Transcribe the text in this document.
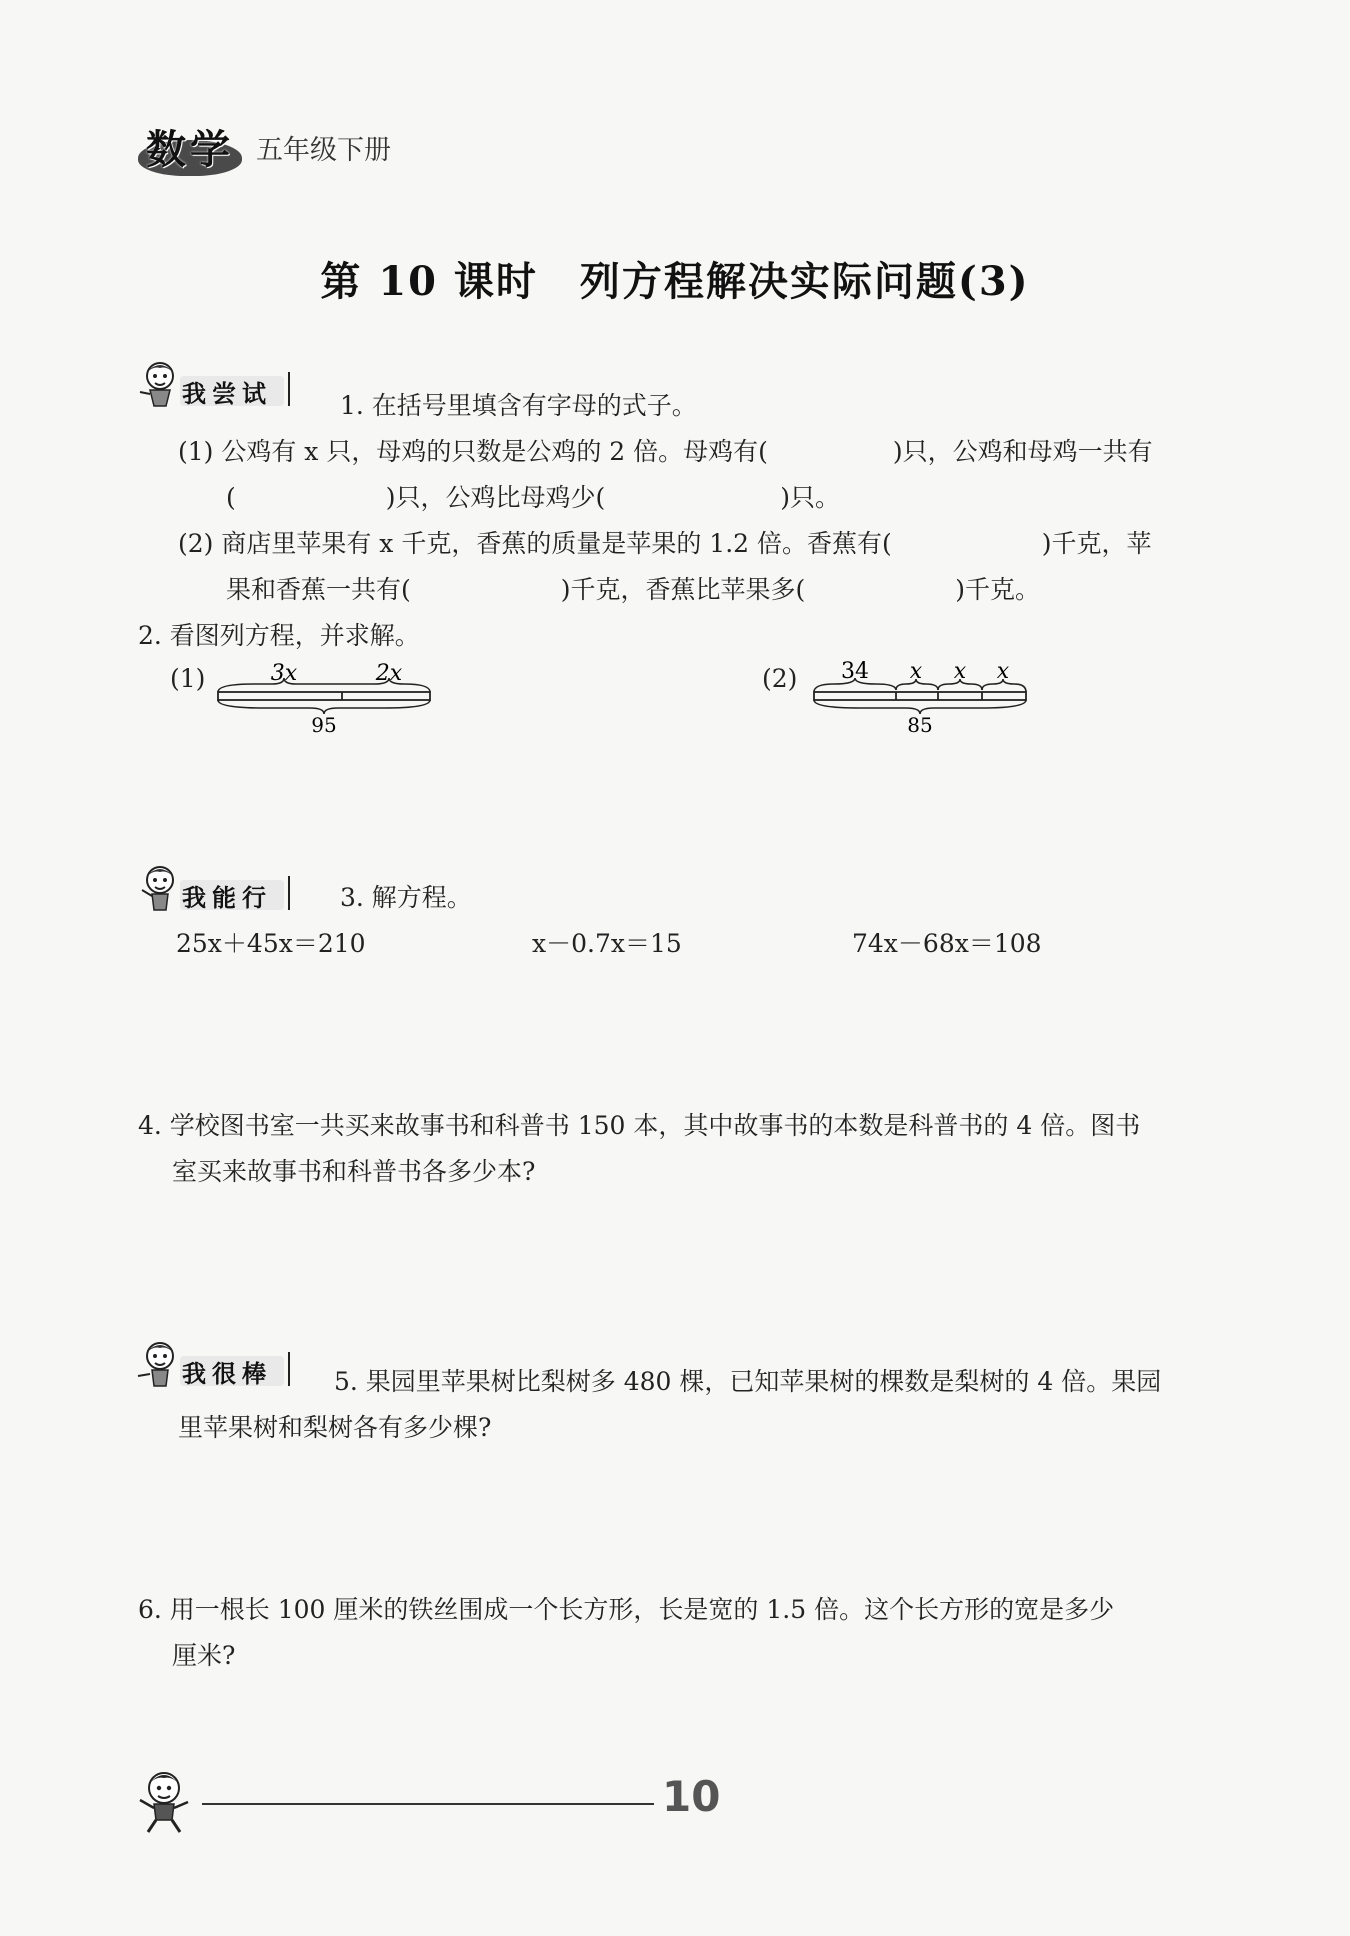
数学 五年级下册
第 10 课时　列方程解决实际问题(3)
我尝试	1. 在括号里填含有字母的式子。
(1) 公鸡有 x 只，母鸡的只数是公鸡的 2 倍。母鸡有(　　　　　)只，公鸡和母鸡一共有
(　　　　　　)只，公鸡比母鸡少(　　　　　　　)只。
(2) 商店里苹果有 x 千克，香蕉的质量是苹果的 1.2 倍。香蕉有(　　　　　　)千克，苹
果和香蕉一共有(　　　　　　)千克，香蕉比苹果多(　　　　　　)千克。
2. 看图列方程，并求解。
(1)	3x	2x
95
(2) 34 x x x
85
我能行	3. 解方程。
25x＋45x＝210	x－0.7x＝15	74x－68x＝108
4. 学校图书室一共买来故事书和科普书 150 本，其中故事书的本数是科普书的 4 倍。图书
室买来故事书和科普书各多少本?
我很棒 5. 果园里苹果树比梨树多 480 棵，已知苹果树的棵数是梨树的 4 倍。果园
里苹果树和梨树各有多少棵?
6. 用一根长 100 厘米的铁丝围成一个长方形，长是宽的 1.5 倍。这个长方形的宽是多少
厘米?
10
